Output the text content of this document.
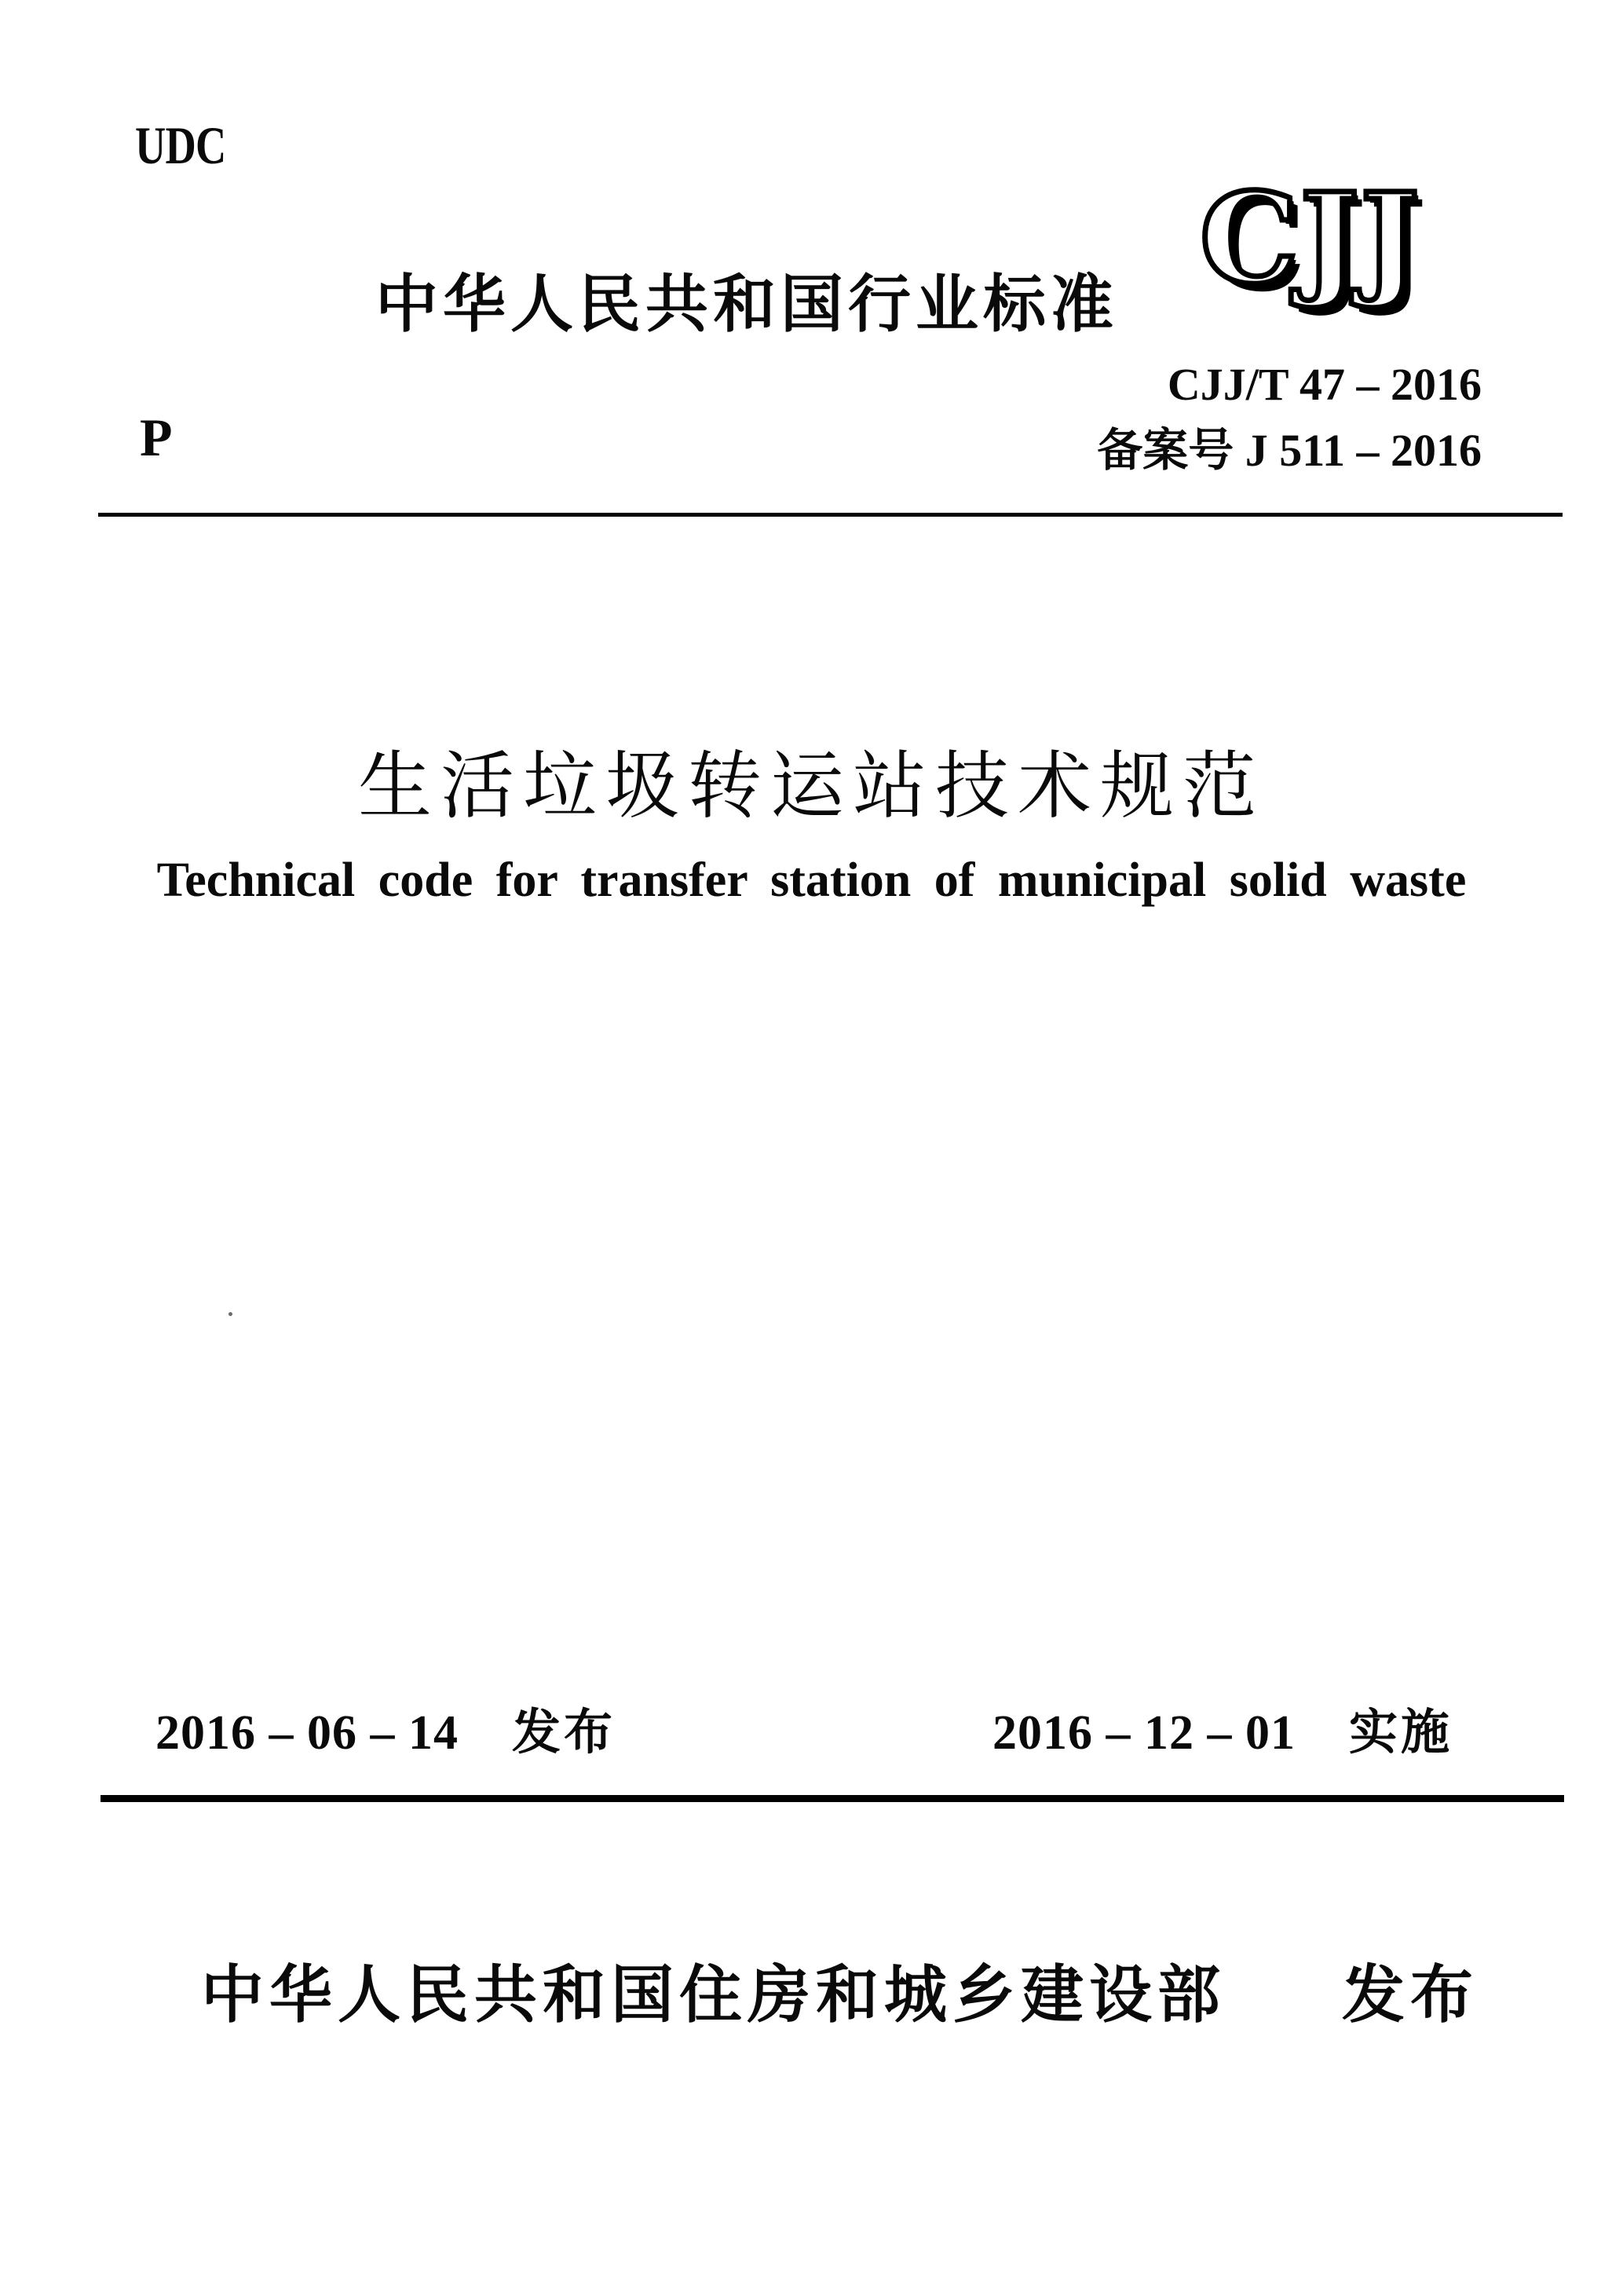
UDC
中华人民共和国行业标准 CJJ
CJJ/T 47 – 2016
备案号 J 511 – 2016
P
生活垃圾转运站技术规范
Technical code for transfer station of municipal solid waste
2016 – 06 – 14 发布	2016 – 12 – 01 实施
中华人民共和国住房和城乡建设部 发布
